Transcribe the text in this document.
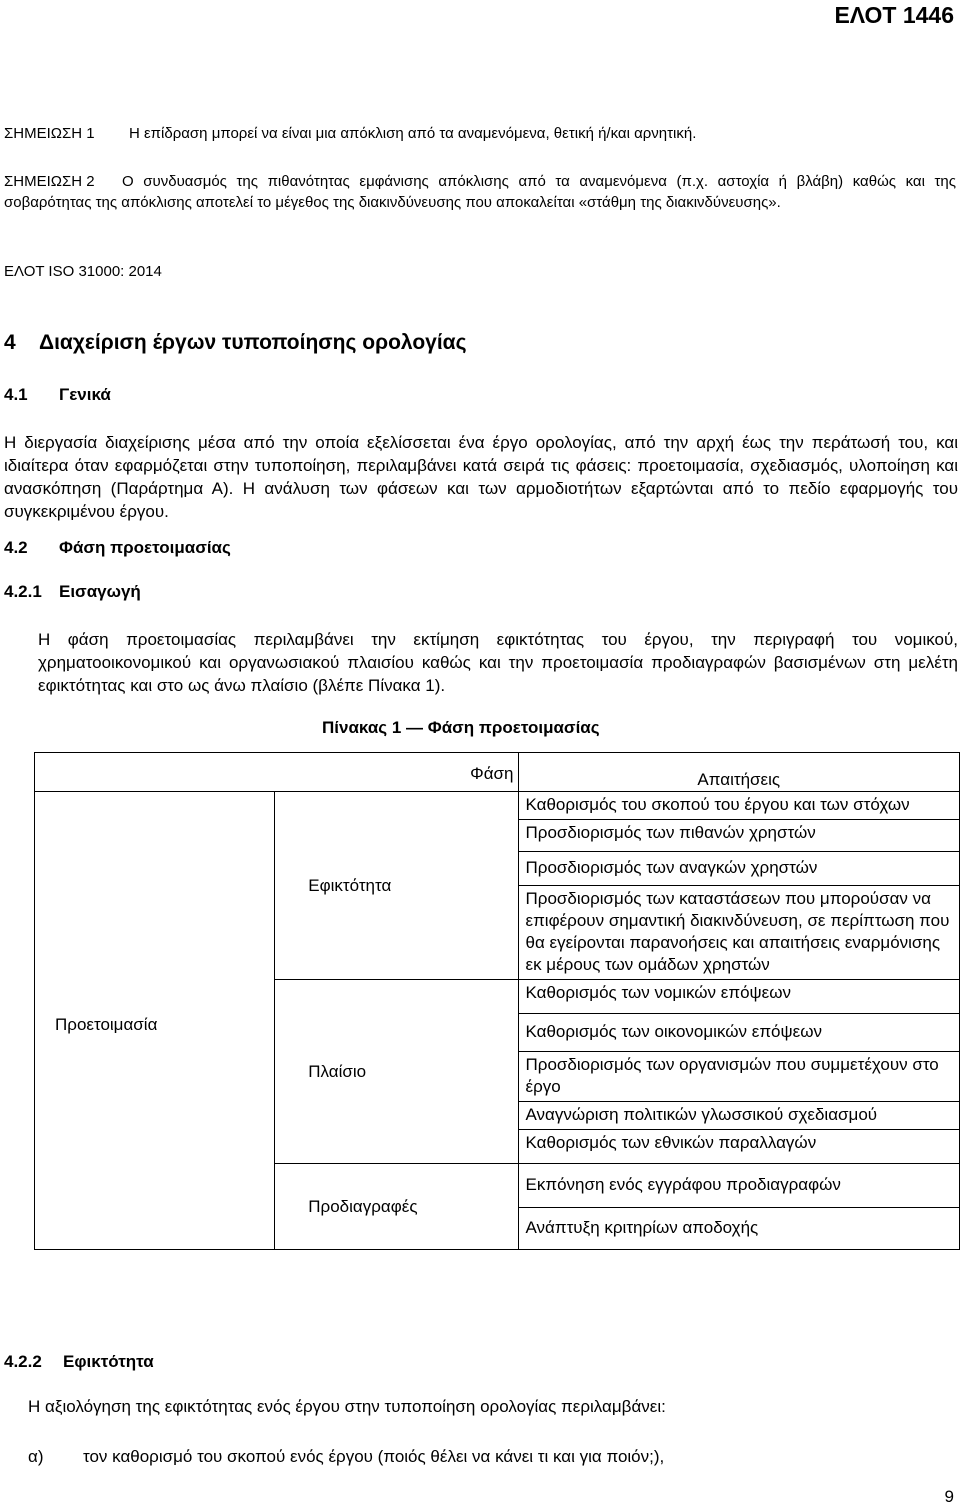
ΕΛΟΤ 1446
ΣΗΜΕΙΩΣΗ 1 Η επίδραση μπορεί να είναι μια απόκλιση από τα αναμενόμενα, θετική ή/και αρνητική.
ΣΗΜΕΙΩΣΗ 2 Ο συνδυασμός της πιθανότητας εμφάνισης απόκλισης από τα αναμενόμενα (π.χ. αστοχία ή βλάβη) καθώς και της σοβαρότητας της απόκλισης αποτελεί το μέγεθος της διακινδύνευσης που αποκαλείται «στάθμη της διακινδύνευσης».
ΕΛΟΤ ISO 31000: 2014
4 Διαχείριση έργων τυποποίησης ορολογίας
4.1 Γενικά
Η διεργασία διαχείρισης μέσα από την οποία εξελίσσεται ένα έργο ορολογίας, από την αρχή έως την περάτωσή του, και ιδιαίτερα όταν εφαρμόζεται στην τυποποίηση, περιλαμβάνει κατά σειρά τις φάσεις: προετοιμασία, σχεδιασμός, υλοποίηση και ανασκόπηση (Παράρτημα Α). Η ανάλυση των φάσεων και των αρμοδιοτήτων εξαρτώνται από το πεδίο εφαρμογής του συγκεκριμένου έργου.
4.2 Φάση προετοιμασίας
4.2.1 Εισαγωγή
Η φάση προετοιμασίας περιλαμβάνει την εκτίμηση εφικτότητας του έργου, την περιγραφή του νομικού, χρηματοοικονομικού και οργανωσιακού πλαισίου καθώς και την προετοιμασία προδιαγραφών βασισμένων στη μελέτη εφικτότητας και στο ως άνω πλαίσιο (βλέπε Πίνακα 1).
Πίνακας 1 — Φάση προετοιμασίας
Φάση		Απαιτήσεις
Προετοιμασία	Εφικτότητα	Καθορισμός του σκοπού του έργου και των στόχων
		Προσδιορισμός των πιθανών χρηστών
		Προσδιορισμός των αναγκών χρηστών
		Προσδιορισμός των καταστάσεων που μπορούσαν να επιφέρουν σημαντική διακινδύνευση, σε περίπτωση που θα εγείρονται παρανοήσεις και απαιτήσεις εναρμόνισης εκ μέρους των ομάδων χρηστών
	Πλαίσιο	Καθορισμός των νομικών επόψεων
		Καθορισμός των οικονομικών επόψεων
		Προσδιορισμός των οργανισμών που συμμετέχουν στο έργο
		Αναγνώριση πολιτικών γλωσσικού σχεδιασμού
		Καθορισμός των εθνικών παραλλαγών
	Προδιαγραφές	Εκπόνηση ενός εγγράφου προδιαγραφών
		Ανάπτυξη κριτηρίων αποδοχής
4.2.2 Εφικτότητα
Η αξιολόγηση της εφικτότητας ενός έργου στην τυποποίηση ορολογίας περιλαμβάνει:
α) τον καθορισμό του σκοπού ενός έργου (ποιός θέλει να κάνει τι και για ποιόν;),
9
